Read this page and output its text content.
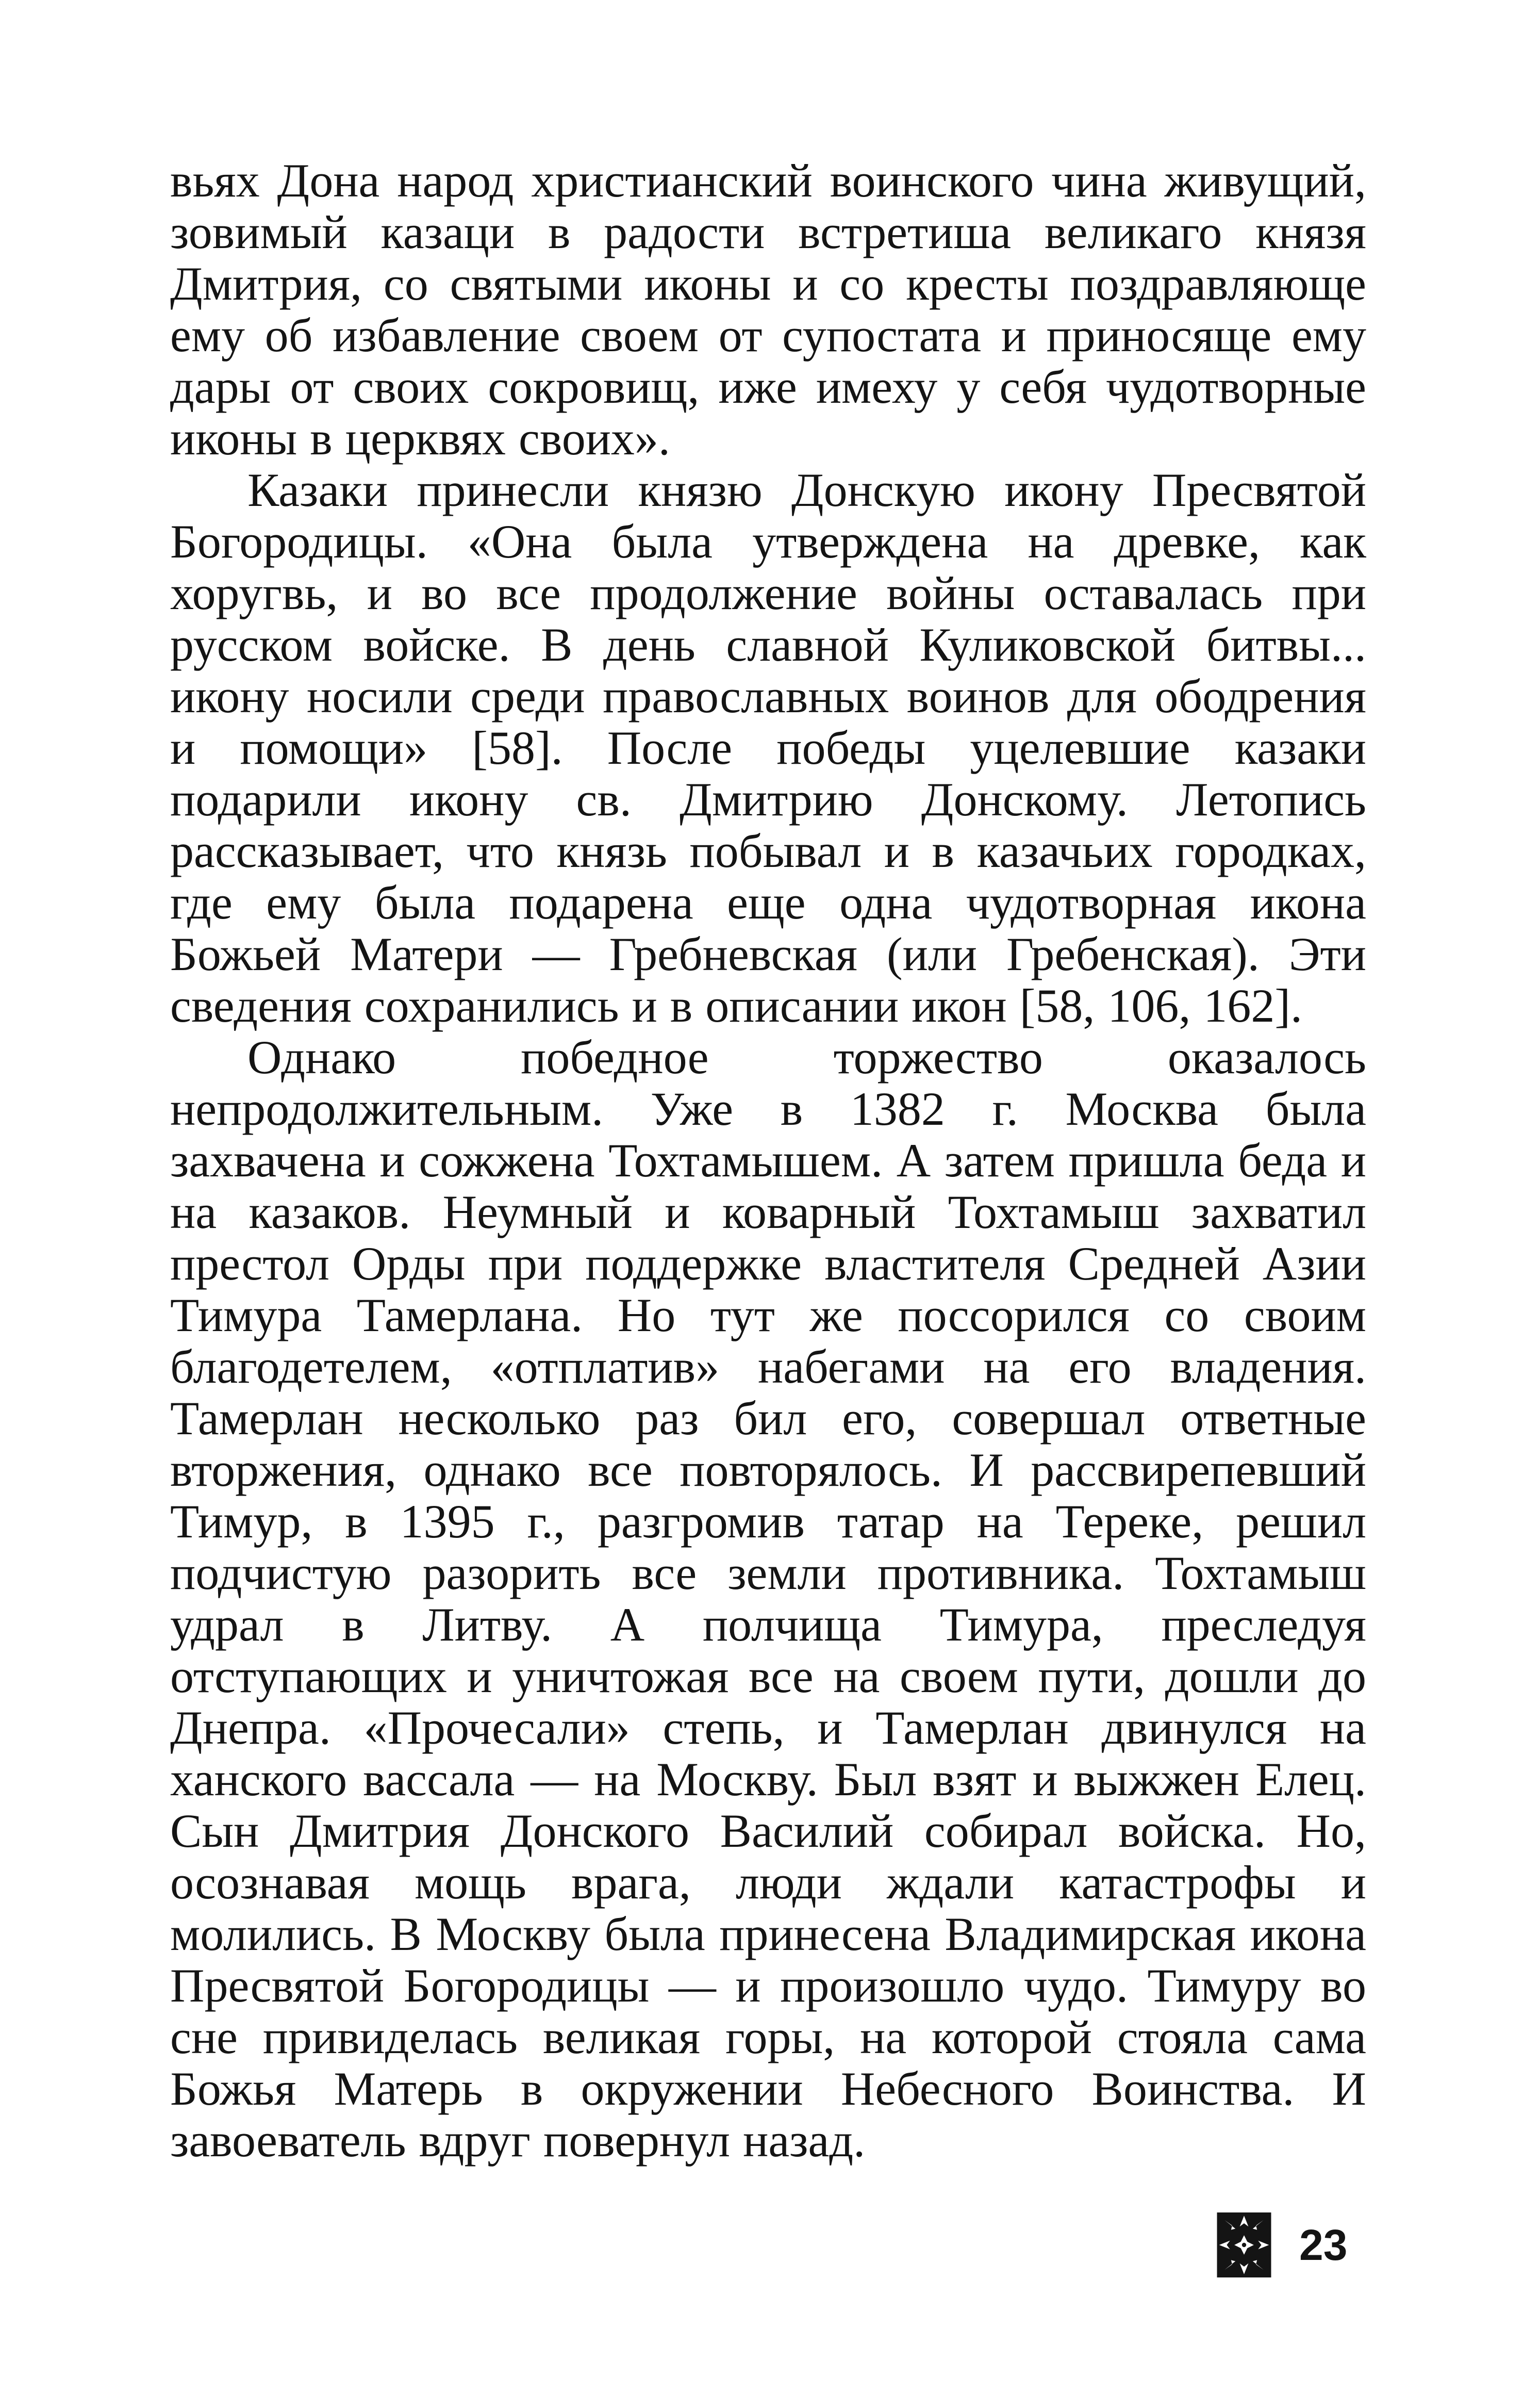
вьях Дона народ христианский воинского чина живущий, зовимый казаци в радости встретиша великаго князя Дмитрия, со святыми иконы и со кресты поздравляюще ему об избавление своем от супостата и приносяще ему дары от своих сокровищ, иже имеху у себя чудотворные иконы в церквях своих».

Казаки принесли князю Донскую икону Пресвятой Богородицы. «Она была утверждена на древке, как хоругвь, и во все продолжение войны оставалась при русском войске. В день славной Куликовской битвы... икону носили среди православных воинов для ободрения и помощи» [58]. После победы уцелевшие казаки подарили икону св. Дмитрию Донскому. Летопись рассказывает, что князь побывал и в казачьих городках, где ему была подарена еще одна чудотворная икона Божьей Матери — Гребневская (или Гребенская). Эти сведения сохранились и в описании икон [58, 106, 162].

Однако победное торжество оказалось непродолжительным. Уже в 1382 г. Москва была захвачена и сожжена Тохтамышем. А затем пришла беда и на казаков. Неумный и коварный Тохтамыш захватил престол Орды при поддержке властителя Средней Азии Тимура Тамерлана. Но тут же поссорился со своим благодетелем, «отплатив» набегами на его владения. Тамерлан несколько раз бил его, совершал ответные вторжения, однако все повторялось. И рассвирепевший Тимур, в 1395 г., разгромив татар на Тереке, решил подчистую разорить все земли противника. Тохтамыш удрал в Литву. А полчища Тимура, преследуя отступающих и уничтожая все на своем пути, дошли до Днепра. «Прочесали» степь, и Тамерлан двинулся на ханского вассала — на Москву. Был взят и выжжен Елец. Сын Дмитрия Донского Василий собирал войска. Но, осознавая мощь врага, люди ждали катастрофы и молились. В Москву была принесена Владимирская икона Пресвятой Богородицы — и произошло чудо. Тимуру во сне привиделась великая горы, на которой стояла сама Божья Матерь в окружении Небесного Воинства. И завоеватель вдруг повернул назад.

23
